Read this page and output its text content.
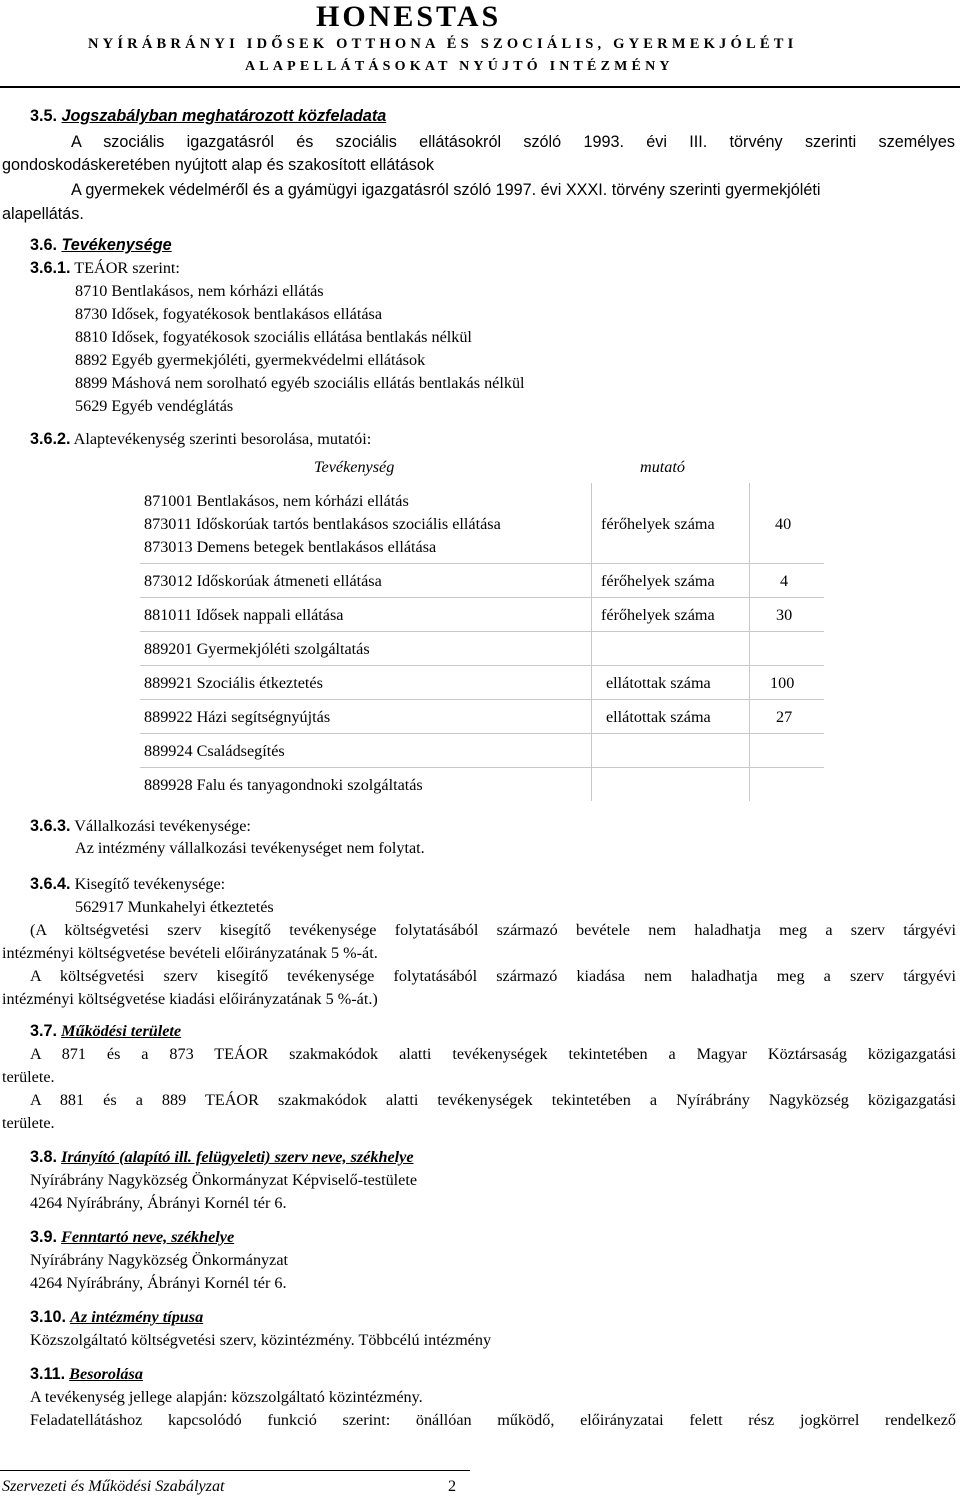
HONESTAS
NYÍRÁBRÁNYI IDŐSEK OTTHONA ÉS SZOCIÁLIS, GYERMEKJÓLÉTI
ALAPELLÁTÁSOKAT NYÚJTÓ INTÉZMÉNY
3.5. Jogszabályban meghatározott közfeladata
A szociális igazgatásról és szociális ellátásokról szóló 1993. évi III. törvény szerinti személyes
gondoskodáskeretében nyújtott alap és szakosított ellátások
A gyermekek védelméről és a gyámügyi igazgatásról szóló 1997. évi XXXI. törvény szerinti gyermekjóléti
alapellátás.
3.6. Tevékenysége
3.6.1. TEÁOR szerint:
8710 Bentlakásos, nem kórházi ellátás
8730 Idősek, fogyatékosok bentlakásos ellátása
8810 Idősek, fogyatékosok szociális ellátása bentlakás nélkül
8892 Egyéb gyermekjóléti, gyermekvédelmi ellátások
8899 Máshová nem sorolható egyéb szociális ellátás bentlakás nélkül
5629 Egyéb vendéglátás
3.6.2. Alaptevékenység szerinti besorolása, mutatói:
Tevékenység	mutató
871001 Bentlakásos, nem kórházi ellátás
873011 Időskorúak tartós bentlakásos szociális ellátása
873013 Demens betegek bentlakásos ellátása
férőhelyek száma	40
873012 Időskorúak átmeneti ellátása	férőhelyek száma	4
881011 Idősek nappali ellátása	férőhelyek száma	30
889201 Gyermekjóléti szolgáltatás
889921 Szociális étkeztetés	ellátottak száma	100
889922 Házi segítségnyújtás	ellátottak száma	27
889924 Családsegítés
889928 Falu és tanyagondnoki szolgáltatás
3.6.3. Vállalkozási tevékenysége:
Az intézmény vállalkozási tevékenységet nem folytat.
3.6.4. Kisegítő tevékenysége:
562917 Munkahelyi étkeztetés
(A költségvetési szerv kisegítő tevékenysége folytatásából származó bevétele nem haladhatja meg a szerv tárgyévi
intézményi költségvetése bevételi előirányzatának 5 %-át.
A költségvetési szerv kisegítő tevékenysége folytatásából származó kiadása nem haladhatja meg a szerv tárgyévi
intézményi költségvetése kiadási előirányzatának 5 %-át.)
3.7. Működési területe
A 871 és a 873 TEÁOR szakmakódok alatti tevékenységek tekintetében a Magyar Köztársaság közigazgatási
területe.
A 881 és a 889 TEÁOR szakmakódok alatti tevékenységek tekintetében a Nyírábrány Nagyközség közigazgatási
területe.
3.8. Irányító (alapító ill. felügyeleti) szerv neve, székhelye
Nyírábrány Nagyközség Önkormányzat Képviselő-testülete
4264 Nyírábrány, Ábrányi Kornél tér 6.
3.9. Fenntartó neve, székhelye
Nyírábrány Nagyközség Önkormányzat
4264 Nyírábrány, Ábrányi Kornél tér 6.
3.10. Az intézmény típusa
Közszolgáltató költségvetési szerv, közintézmény. Többcélú intézmény
3.11. Besorolása
A tevékenység jellege alapján: közszolgáltató közintézmény.
Feladatellátáshoz kapcsolódó funkció szerint: önállóan működő, előirányzatai felett rész jogkörrel rendelkező
Szervezeti és Működési Szabályzat	2
